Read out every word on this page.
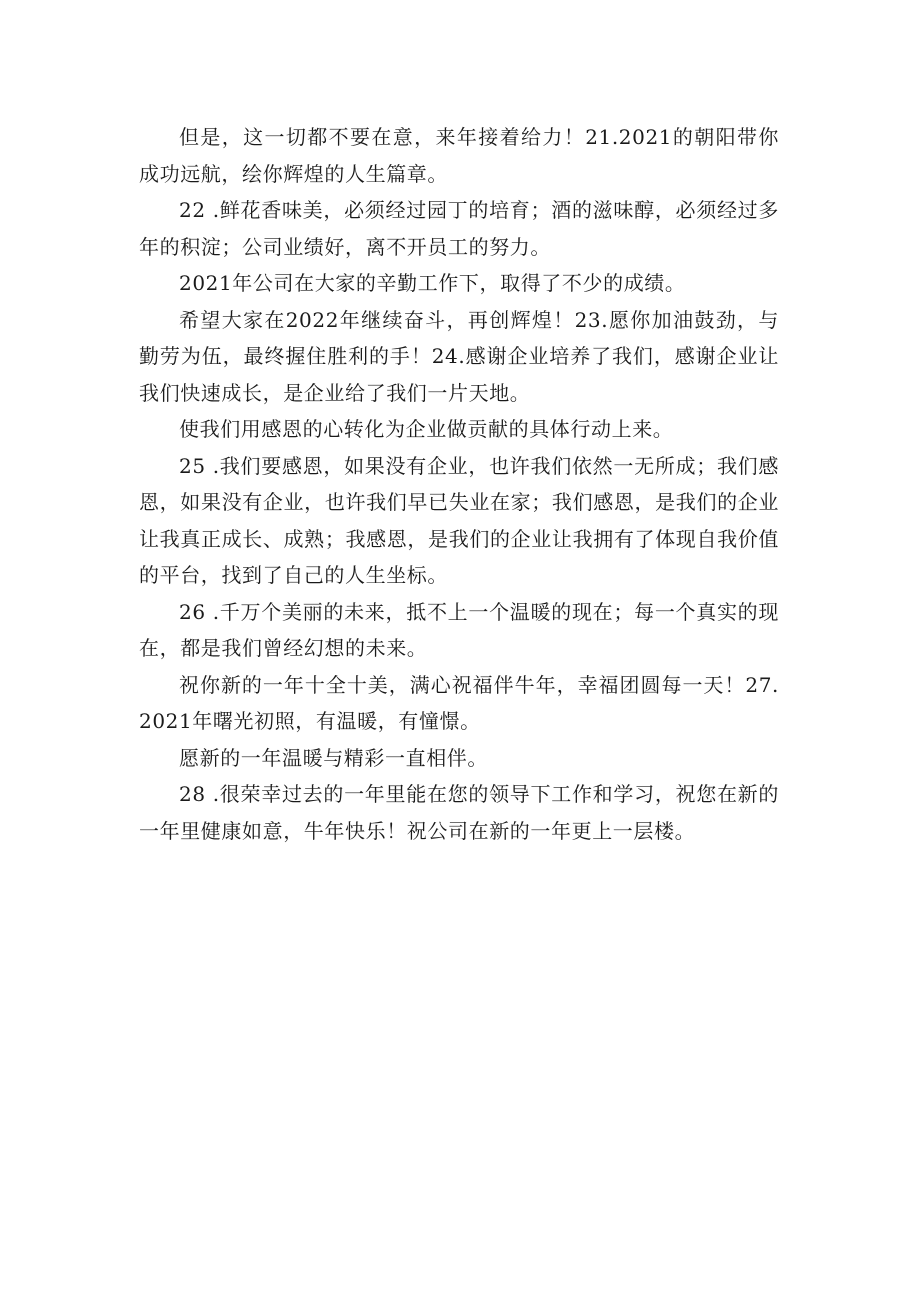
但是，这一切都不要在意，来年接着给力！21.2021的朝阳带你成功远航，绘你辉煌的人生篇章。

22 .鲜花香味美，必须经过园丁的培育；酒的滋味醇，必须经过多年的积淀；公司业绩好，离不开员工的努力。

2021年公司在大家的辛勤工作下，取得了不少的成绩。

希望大家在2022年继续奋斗，再创辉煌！23.愿你加油鼓劲，与勤劳为伍，最终握住胜利的手！24.感谢企业培养了我们，感谢企业让我们快速成长，是企业给了我们一片天地。

使我们用感恩的心转化为企业做贡献的具体行动上来。

25 .我们要感恩，如果没有企业，也许我们依然一无所成；我们感恩，如果没有企业，也许我们早已失业在家；我们感恩，是我们的企业让我真正成长、成熟；我感恩，是我们的企业让我拥有了体现自我价值的平台，找到了自己的人生坐标。

26 .千万个美丽的未来，抵不上一个温暖的现在；每一个真实的现在，都是我们曾经幻想的未来。

祝你新的一年十全十美，满心祝福伴牛年，幸福团圆每一天！27.2021年曙光初照，有温暖，有憧憬。

愿新的一年温暖与精彩一直相伴。

28 .很荣幸过去的一年里能在您的领导下工作和学习，祝您在新的一年里健康如意，牛年快乐！祝公司在新的一年更上一层楼。
